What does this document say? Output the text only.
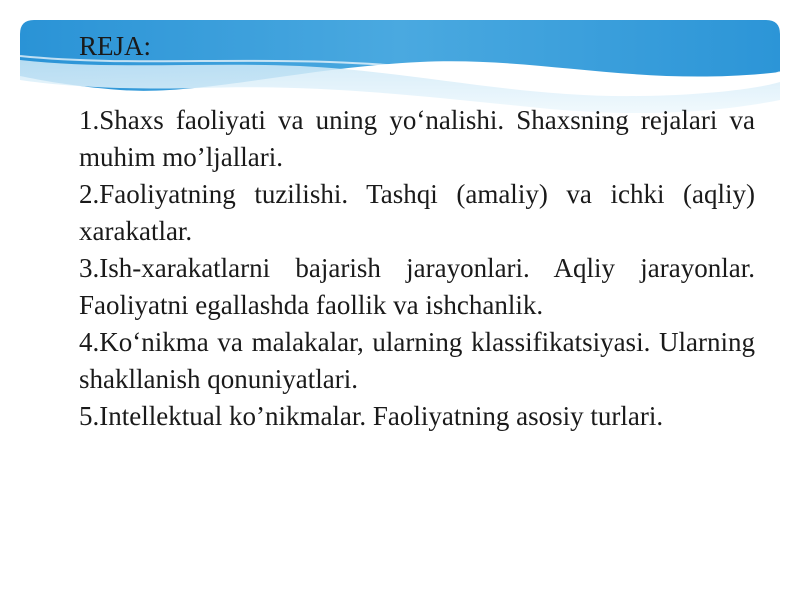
REJA:

1.Shaxs faoliyati va uning yo‘nalishi. Shaxsning rejalari va muhim mo’ljallari.

2.Faoliyatning tuzilishi. Tashqi (amaliy) va ichki (aqliy) xarakatlar.

3.Ish-xarakatlarni bajarish jarayonlari. Aqliy jarayonlar. Faoliyatni egallashda faollik va ishchanlik.

4.Ko‘nikma va malakalar, ularning klassifikatsiyasi. Ularning shakllanish qonuniyatlari.

5.Intellektual ko’nikmalar. Faoliyatning asosiy turlari.
